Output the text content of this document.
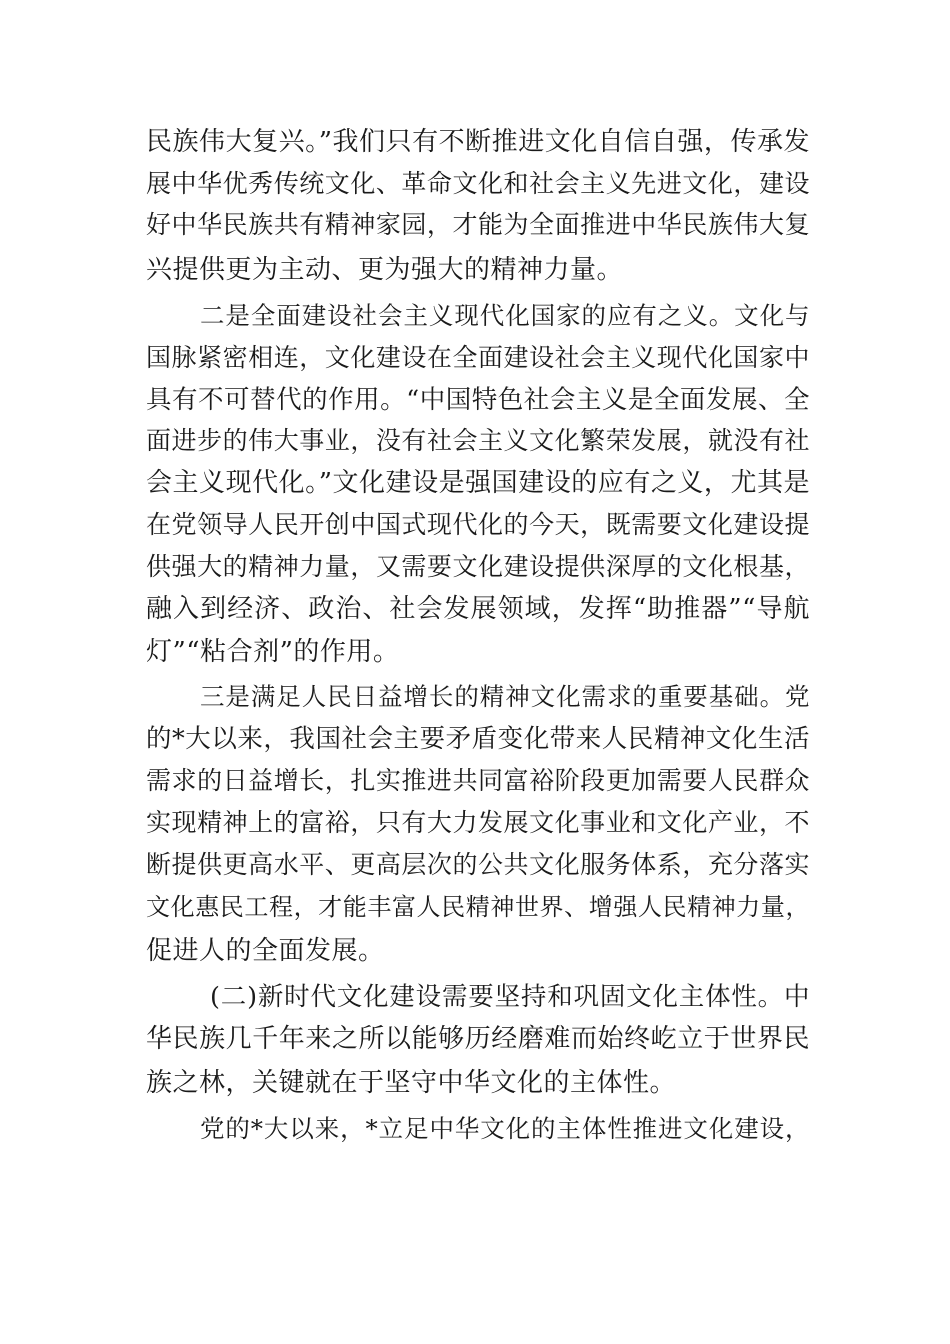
民族伟大复兴。”我们只有不断推进文化自信自强，传承发
展中华优秀传统文化、革命文化和社会主义先进文化，建设
好中华民族共有精神家园，才能为全面推进中华民族伟大复
兴提供更为主动、更为强大的精神力量。
二是全面建设社会主义现代化国家的应有之义。文化与
国脉紧密相连，文化建设在全面建设社会主义现代化国家中
具有不可替代的作用。“中国特色社会主义是全面发展、全
面进步的伟大事业，没有社会主义文化繁荣发展，就没有社
会主义现代化。”文化建设是强国建设的应有之义，尤其是
在党领导人民开创中国式现代化的今天，既需要文化建设提
供强大的精神力量，又需要文化建设提供深厚的文化根基，
融入到经济、政治、社会发展领域，发挥“助推器”“导航
灯”“粘合剂”的作用。
三是满足人民日益增长的精神文化需求的重要基础。党
的*大以来，我国社会主要矛盾变化带来人民精神文化生活
需求的日益增长，扎实推进共同富裕阶段更加需要人民群众
实现精神上的富裕，只有大力发展文化事业和文化产业，不
断提供更高水平、更高层次的公共文化服务体系，充分落实
文化惠民工程，才能丰富人民精神世界、增强人民精神力量，
促进人的全面发展。
(二)新时代文化建设需要坚持和巩固文化主体性。中
华民族几千年来之所以能够历经磨难而始终屹立于世界民
族之林，关键就在于坚守中华文化的主体性。
党的*大以来，*立足中华文化的主体性推进文化建设，
